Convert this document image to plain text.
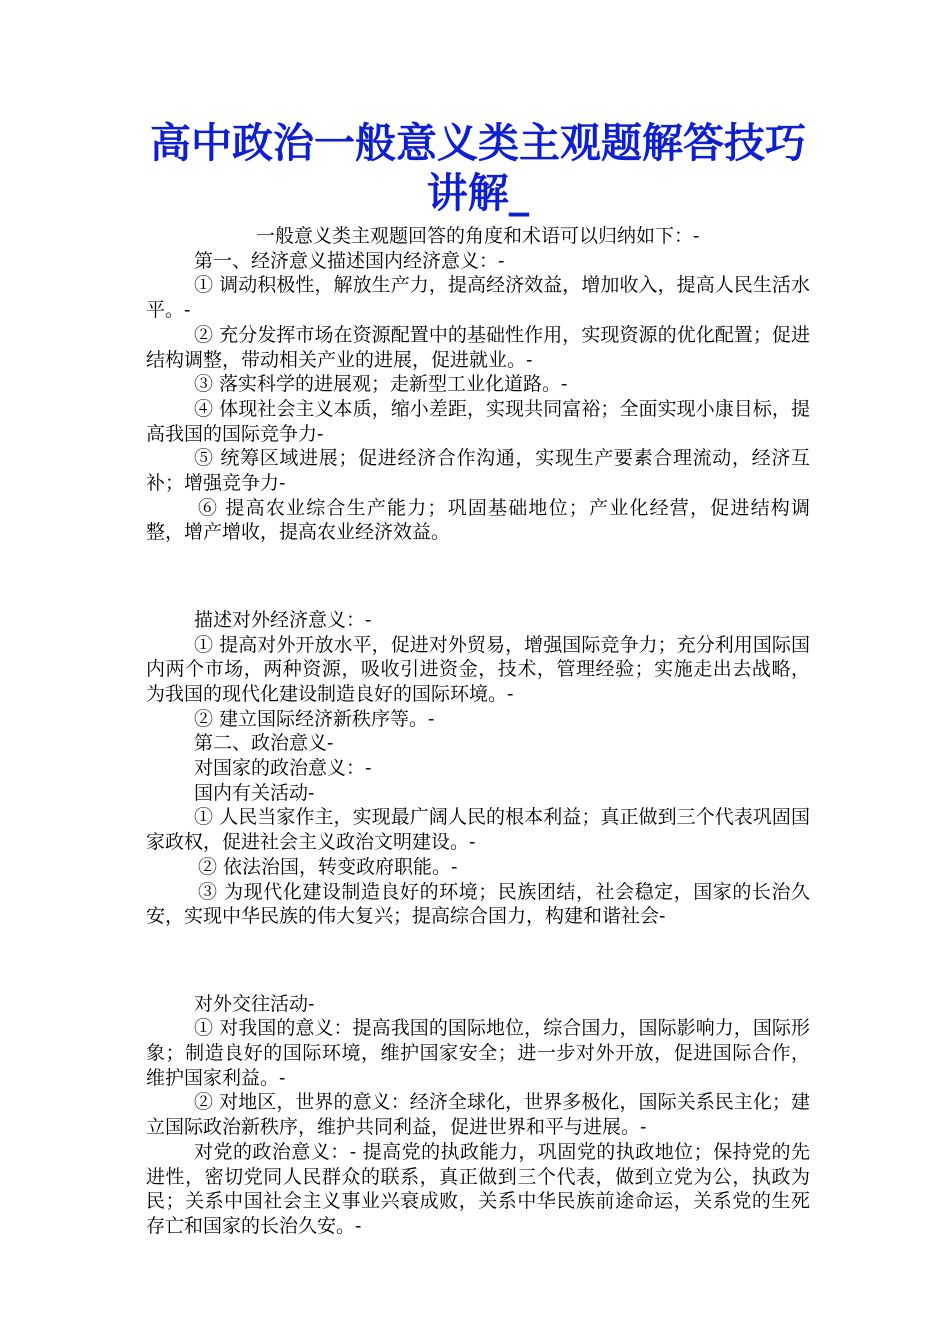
高中政治一般意义类主观题解答技巧讲解_

一般意义类主观题回答的角度和术语可以归纳如下：-

第一、经济意义描述国内经济意义：-

① 调动积极性，解放生产力，提高经济效益，增加收入，提高人民生活水平。-

② 充分发挥市场在资源配置中的基础性作用，实现资源的优化配置；促进结构调整，带动相关产业的进展，促进就业。-

③ 落实科学的进展观；走新型工业化道路。-

④ 体现社会主义本质，缩小差距，实现共同富裕；全面实现小康目标，提高我国的国际竞争力-

⑤ 统筹区域进展；促进经济合作沟通，实现生产要素合理流动，经济互补；增强竞争力-

⑥ 提高农业综合生产能力；巩固基础地位；产业化经营，促进结构调整，增产增收，提高农业经济效益。

描述对外经济意义：-

① 提高对外开放水平，促进对外贸易，增强国际竞争力；充分利用国际国内两个市场，两种资源，吸收引进资金，技术，管理经验；实施走出去战略，为我国的现代化建设制造良好的国际环境。-

② 建立国际经济新秩序等。-

第二、政治意义-

对国家的政治意义：-

国内有关活动-

① 人民当家作主，实现最广阔人民的根本利益；真正做到三个代表巩固国家政权，促进社会主义政治文明建设。-

② 依法治国，转变政府职能。-

③ 为现代化建设制造良好的环境；民族团结，社会稳定，国家的长治久安，实现中华民族的伟大复兴；提高综合国力，构建和谐社会-

对外交往活动-

① 对我国的意义：提高我国的国际地位，综合国力，国际影响力，国际形象；制造良好的国际环境，维护国家安全；进一步对外开放，促进国际合作，维护国家利益。-

② 对地区，世界的意义：经济全球化，世界多极化，国际关系民主化；建立国际政治新秩序，维护共同利益，促进世界和平与进展。-

对党的政治意义：- 提高党的执政能力，巩固党的执政地位；保持党的先进性，密切党同人民群众的联系，真正做到三个代表，做到立党为公，执政为民；关系中国社会主义事业兴衰成败，关系中华民族前途命运，关系党的生死存亡和国家的长治久安。-
